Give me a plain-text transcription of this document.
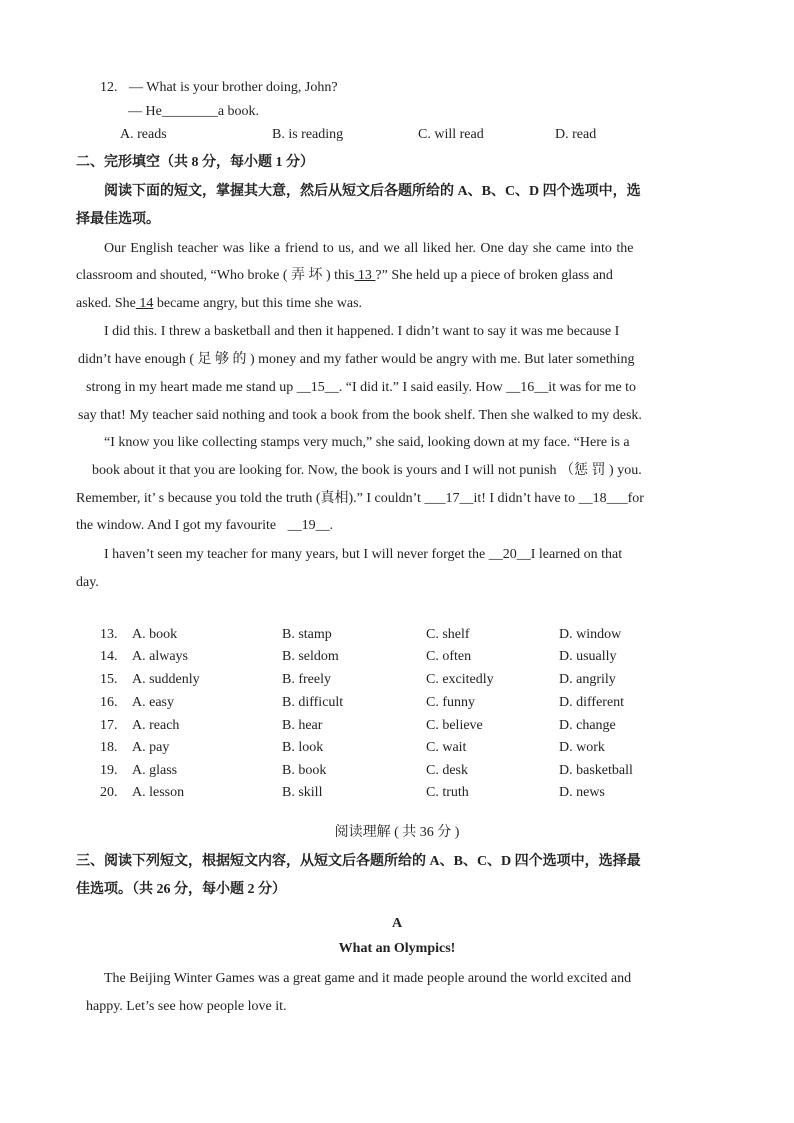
12. — What is your brother doing, John?
— He________a book.
A. reads	B. is reading	C. will read	D. read
二、完形填空（共 8 分，每小题 1 分）
阅读下面的短文，掌握其大意，然后从短文后各题所给的 A、B、C、D 四个选项中，选
择最佳选项。
Our English teacher was like a friend to us, and we all liked her. One day she came into the
classroom and shouted, “Who broke ( 弄 坏 ) this 13 ?” She held up a piece of broken glass and
asked. She 14 became angry, but this time she was.
I did this. I threw a basketball and then it happened. I didn’t want to say it was me because I
didn’t have enough ( 足 够 的 ) money and my father would be angry with me. But later something
strong in my heart made me stand up __15__. “I did it.” I said easily. How __16__it was for me to
say that! My teacher said nothing and took a book from the book shelf. Then she walked to my desk.
“I know you like collecting stamps very much,” she said, looking down at my face. “Here is a
book about it that you are looking for. Now, the book is yours and I will not punish （惩 罚 ) you.
Remember, it’ s because you told the truth (真相).” I couldn’t ___17__it! I didn’t have to __18___for
the window. And I got my favourite __19__.
I haven’t seen my teacher for many years, but I will never forget the __20__I learned on that
day.
13. A. book	B. stamp	C. shelf	D. window
14. A. always	B. seldom	C. often	D. usually
15. A. suddenly	B. freely	C. excitedly	D. angrily
16. A. easy	B. difficult	C. funny	D. different
17. A. reach	B. hear	C. believe	D. change
18. A. pay	B. look	C. wait	D. work
19. A. glass	B. book	C. desk	D. basketball
20. A. lesson	B. skill	C. truth	D. news
阅读理解 ( 共 36 分 )
三、阅读下列短文，根据短文内容，从短文后各题所给的 A、B、C、D 四个选项中，选择最
佳选项。（共 26 分，每小题 2 分）
A
What an Olympics!
The Beijing Winter Games was a great game and it made people around the world excited and
happy. Let’s see how people love it.
